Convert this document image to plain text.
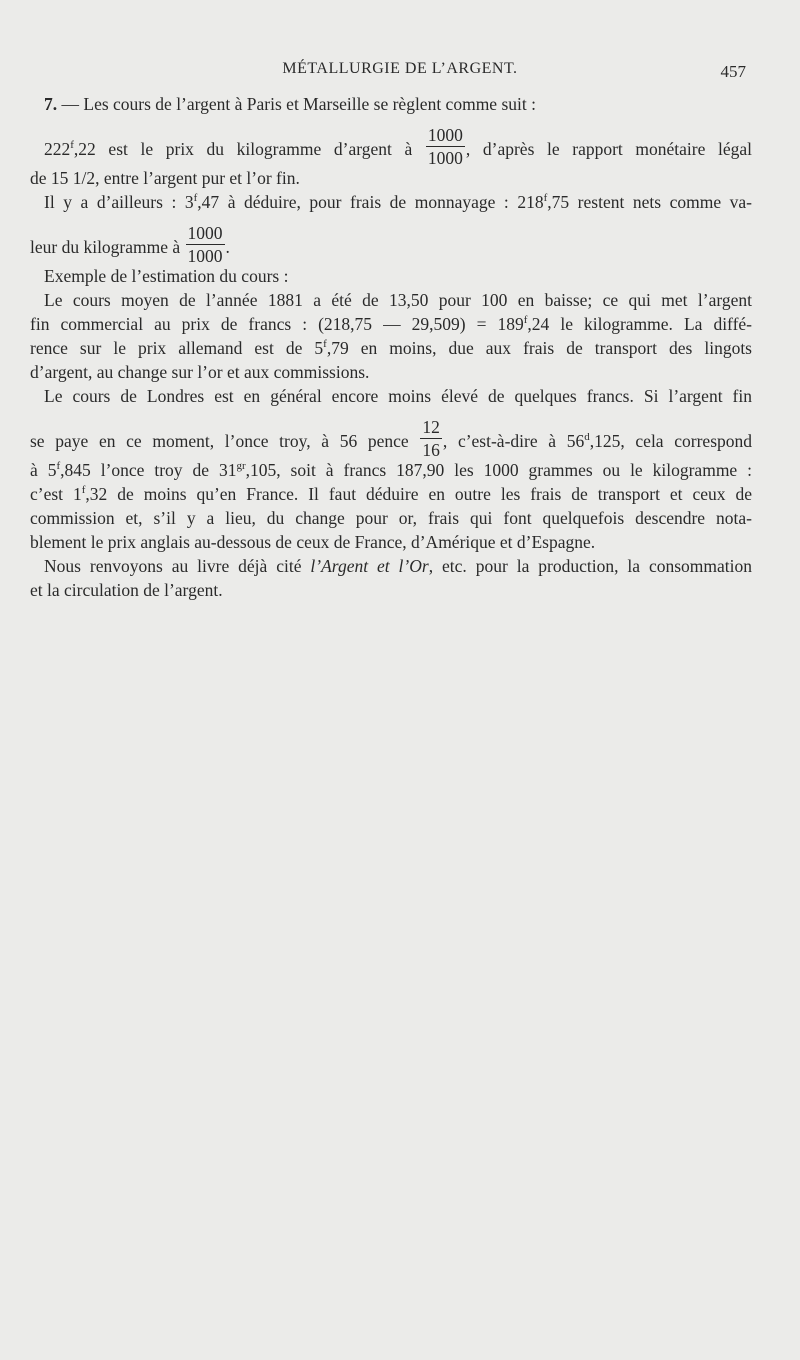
MÉTALLURGIE DE L’ARGENT.	457
7. — Les cours de l’argent à Paris et Marseille se règlent comme suit :
222$^f$,22 est le prix du kilogramme d’argent à $\frac{1000}{1000}$ , d’après le rapport monétaire légal
de 15 1/2, entre l’argent pur et l’or fin.
Il y a d’ailleurs : 3$^f$,47 à déduire, pour frais de monnayage : 218$^f$,75 restent nets comme va-
leur du kilogramme à $\frac{1000}{1000}$ .
Exemple de l’estimation du cours :
Le cours moyen de l’année 1881 a été de 13,50 pour 100 en baisse; ce qui met l’argent
fin commercial au prix de francs : (218,75 — $29,509) = 189^f,24$ le kilogramme. La diffé-
rence sur le prix allemand est de 5$^f$,79 en moins, due aux frais de transport des lingots
d’argent, au change sur l’or et aux commissions.
Le cours de Londres est en général encore moins élevé de quelques francs. Si l’argent fin
se paye en ce moment, l’once troy, à 56 pence $\frac{12}{16}$ , c’est-à-dire à 56$^d$,125, cela correspond
à 5$^f$,845 l’once troy de $31^{gr},105$, soit à francs 187,90 les 1000 grammes ou le kilogramme :
c’est 1$^f$,32 de moins qu’en France. Il faut déduire en outre les frais de transport et ceux de
commission et, s’il y a lieu, du change pour or, frais qui font quelquefois descendre nota-
blement le prix anglais au-dessous de ceux de France, d’Amérique et d’Espagne.
Nous renvoyons au livre déjà cité l’Argent et l’Or, etc. pour la production, la consommation
et la circulation de l’argent.
